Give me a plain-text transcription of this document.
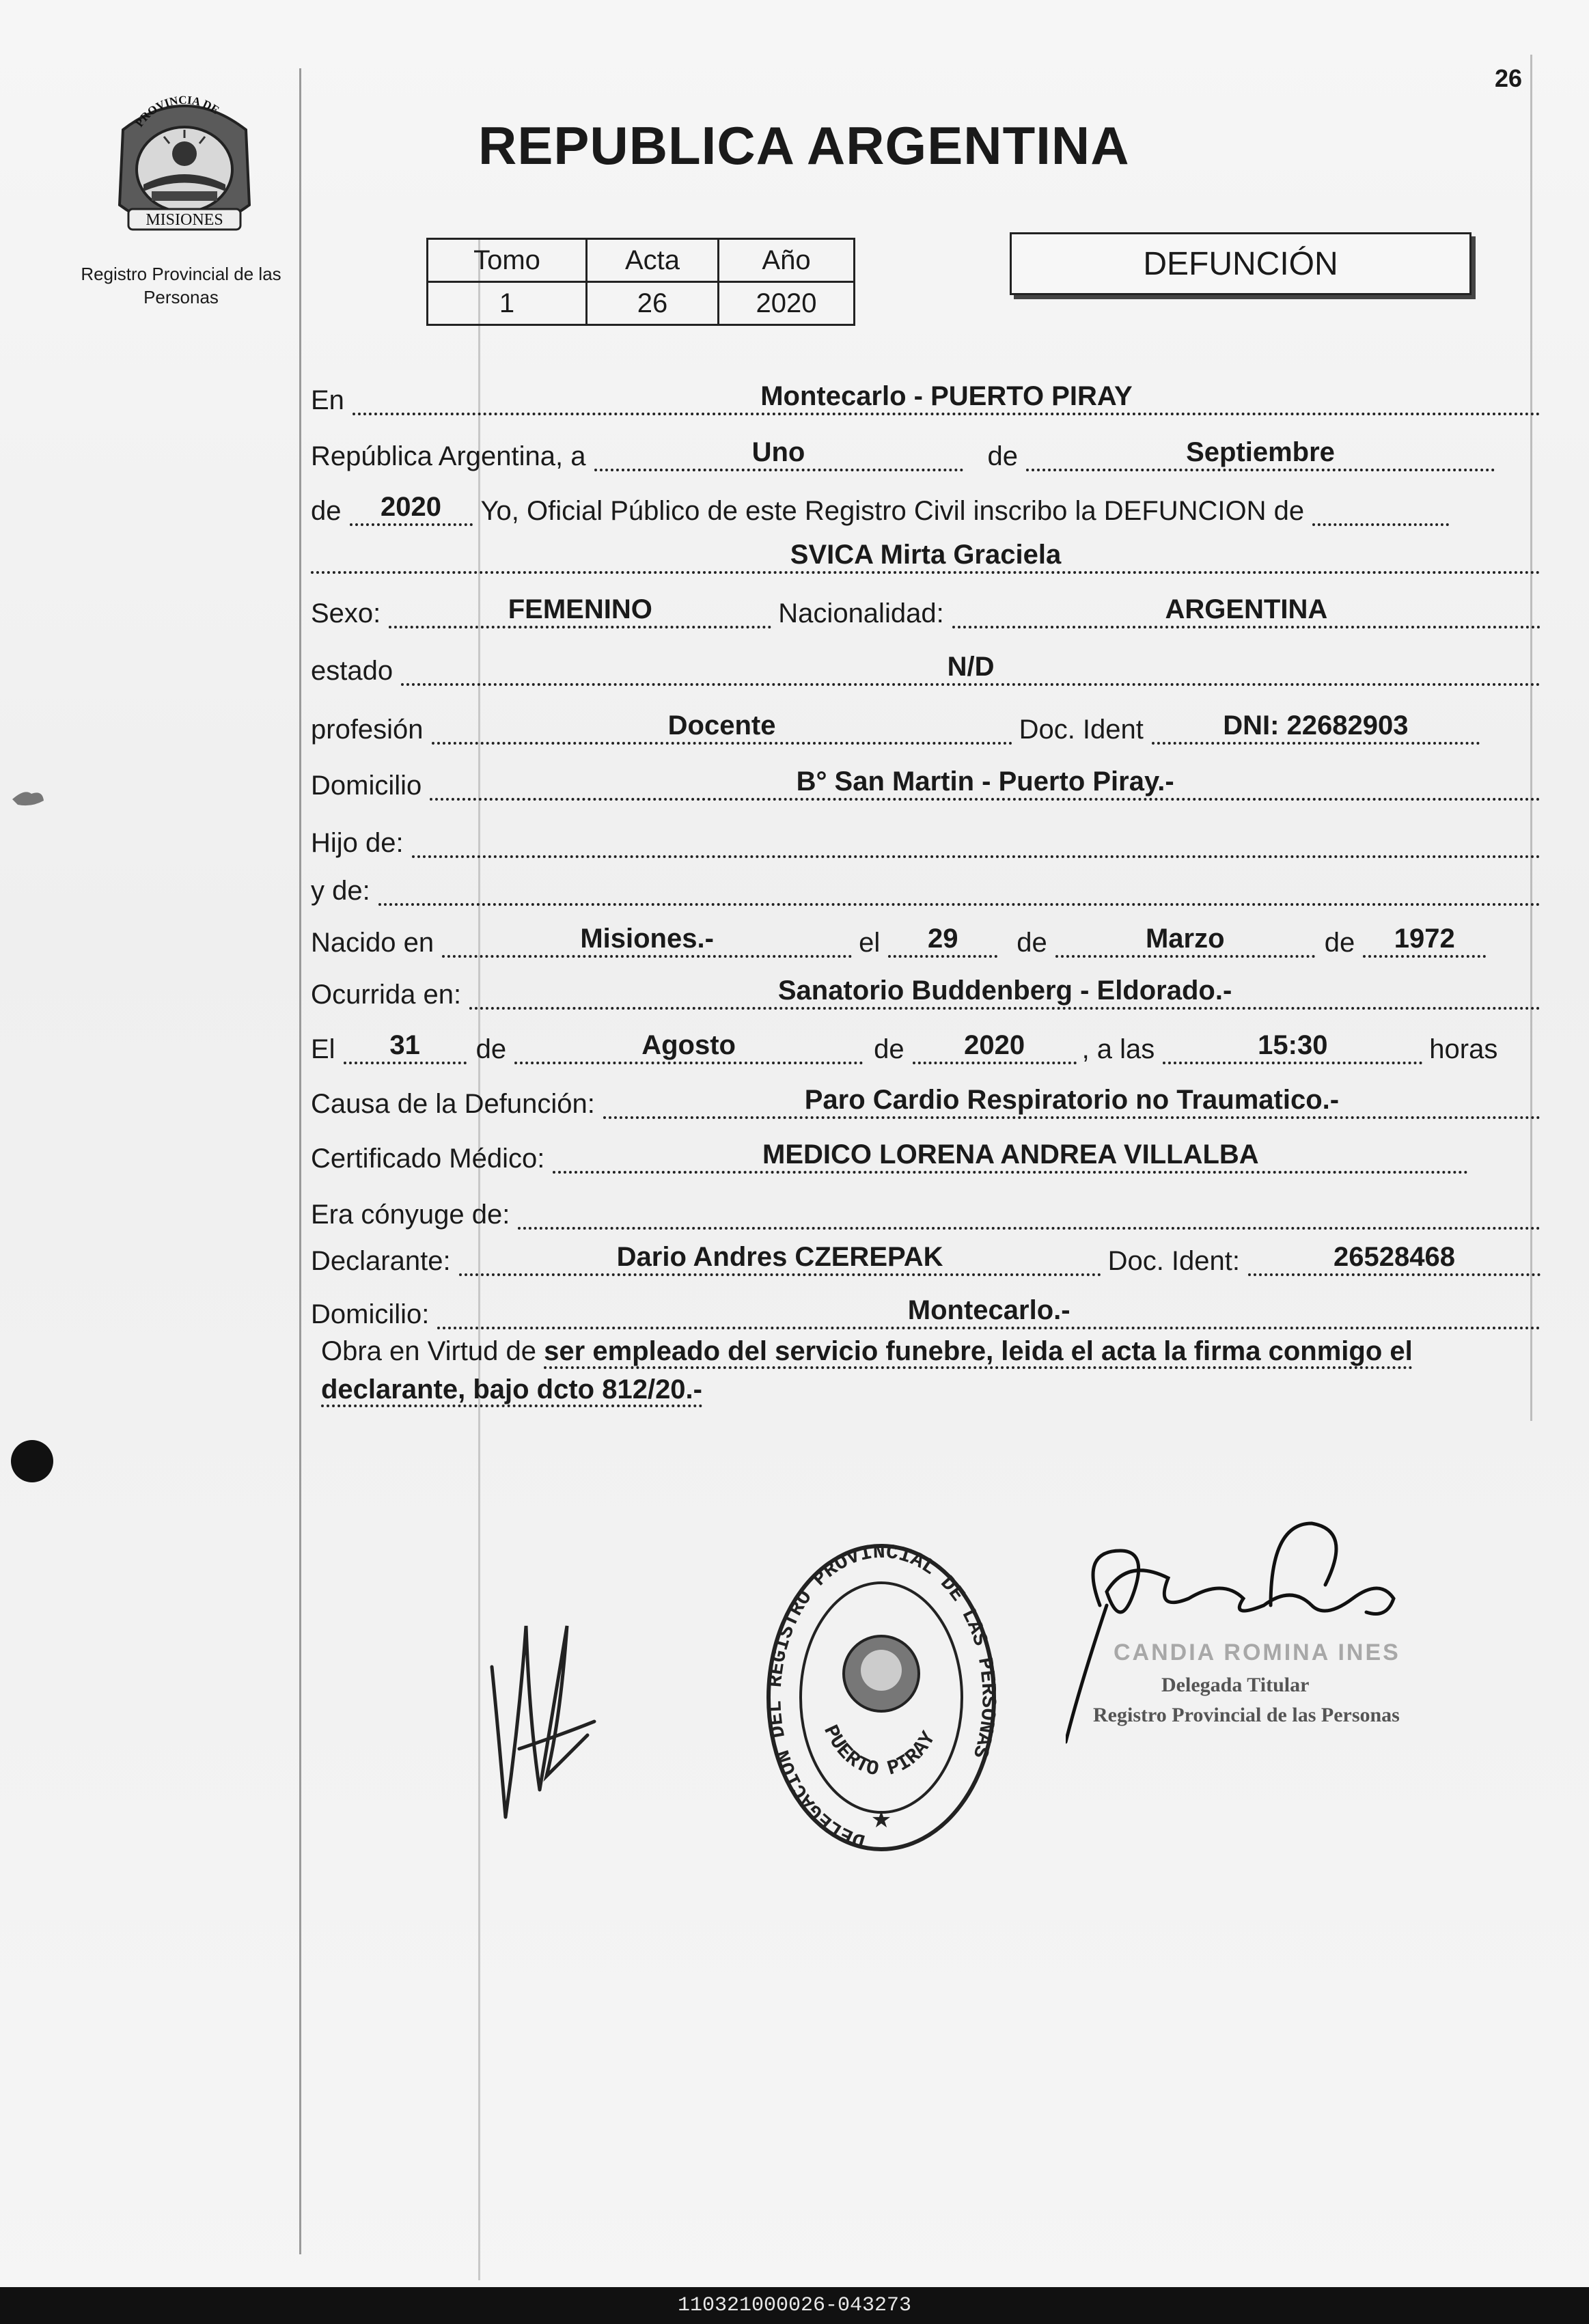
26
PROVINCIA DE
MISIONES
Registro Provincial de las Personas
REPUBLICA ARGENTINA
Tomo	Acta	Año
1	26	2020
DEFUNCIÓN
En	Montecarlo - PUERTO PIRAY
República Argentina, a	Uno	de	Septiembre
de	2020	Yo, Oficial Público de este Registro Civil inscribo la DEFUNCION de
SVICA Mirta Graciela
Sexo:	FEMENINO	Nacionalidad:	ARGENTINA
estado	N/D
profesión	Docente	Doc. Ident	DNI: 22682903
Domicilio	B° San Martin - Puerto Piray.-
Hijo de:
y de:
Nacido en	Misiones.-	el	29	de	Marzo	de	1972
Ocurrida en:	Sanatorio Buddenberg - Eldorado.-
El	31	de	Agosto	de	2020	, a las	15:30	horas
Causa de la Defunción:	Paro Cardio Respiratorio no Traumatico.-
Certificado Médico:	MEDICO LORENA ANDREA VILLALBA
Era cónyuge de:
Declarante:	Dario Andres CZEREPAK	Doc. Ident:	26528468
Domicilio:	Montecarlo.-
Obra en Virtud de ser empleado del servicio funebre, leida el acta la firma conmigo el declarante, bajo dcto 812/20.-
DELEGACION DEL REGISTRO PROVINCIAL DE LAS PERSONAS
PUERTO PIRAY
★
CANDIA ROMINA INES
Delegada Titular
Registro Provincial de las Personas
110321000026-043273
